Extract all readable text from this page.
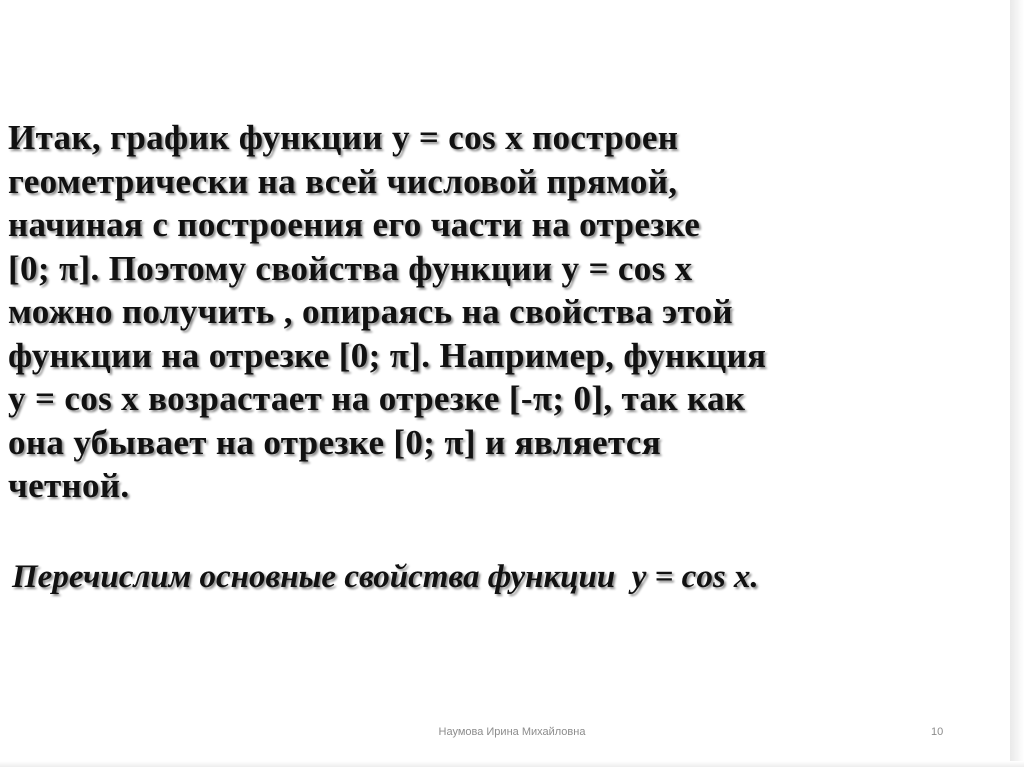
Итак, график функции у = cos x построен
геометрически на всей числовой прямой,
начиная с построения его части на отрезке
[0; π]. Поэтому свойства функции у = cos x
можно получить , опираясь на свойства этой
функции на отрезке [0; π]. Например, функция
у = cos x возрастает на отрезке [-π; 0], так как
она убывает на отрезке [0; π] и является
четной.

Перечислим основные свойства функции  у = cos x.

Наумова Ирина Михайловна	10
